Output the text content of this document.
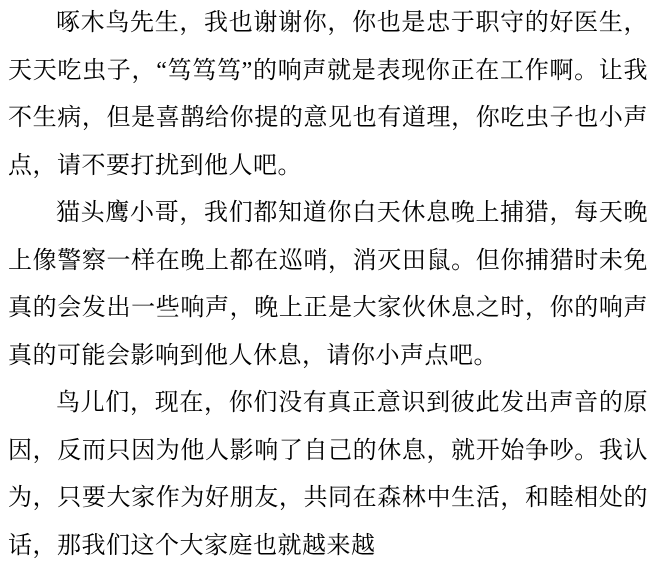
啄木鸟先生，我也谢谢你，你也是忠于职守的好医生，天天吃虫子，“笃笃笃”的响声就是表现你正在工作啊。让我不生病，但是喜鹊给你提的意见也有道理，你吃虫子也小声点，请不要打扰到他人吧。

猫头鹰小哥，我们都知道你白天休息晚上捕猎，每天晚上像警察一样在晚上都在巡哨，消灭田鼠。但你捕猎时未免真的会发出一些响声，晚上正是大家伙休息之时，你的响声真的可能会影响到他人休息，请你小声点吧。

鸟儿们，现在，你们没有真正意识到彼此发出声音的原因，反而只因为他人影响了自己的休息，就开始争吵。我认为，只要大家作为好朋友，共同在森林中生活，和睦相处的话，那我们这个大家庭也就越来越
